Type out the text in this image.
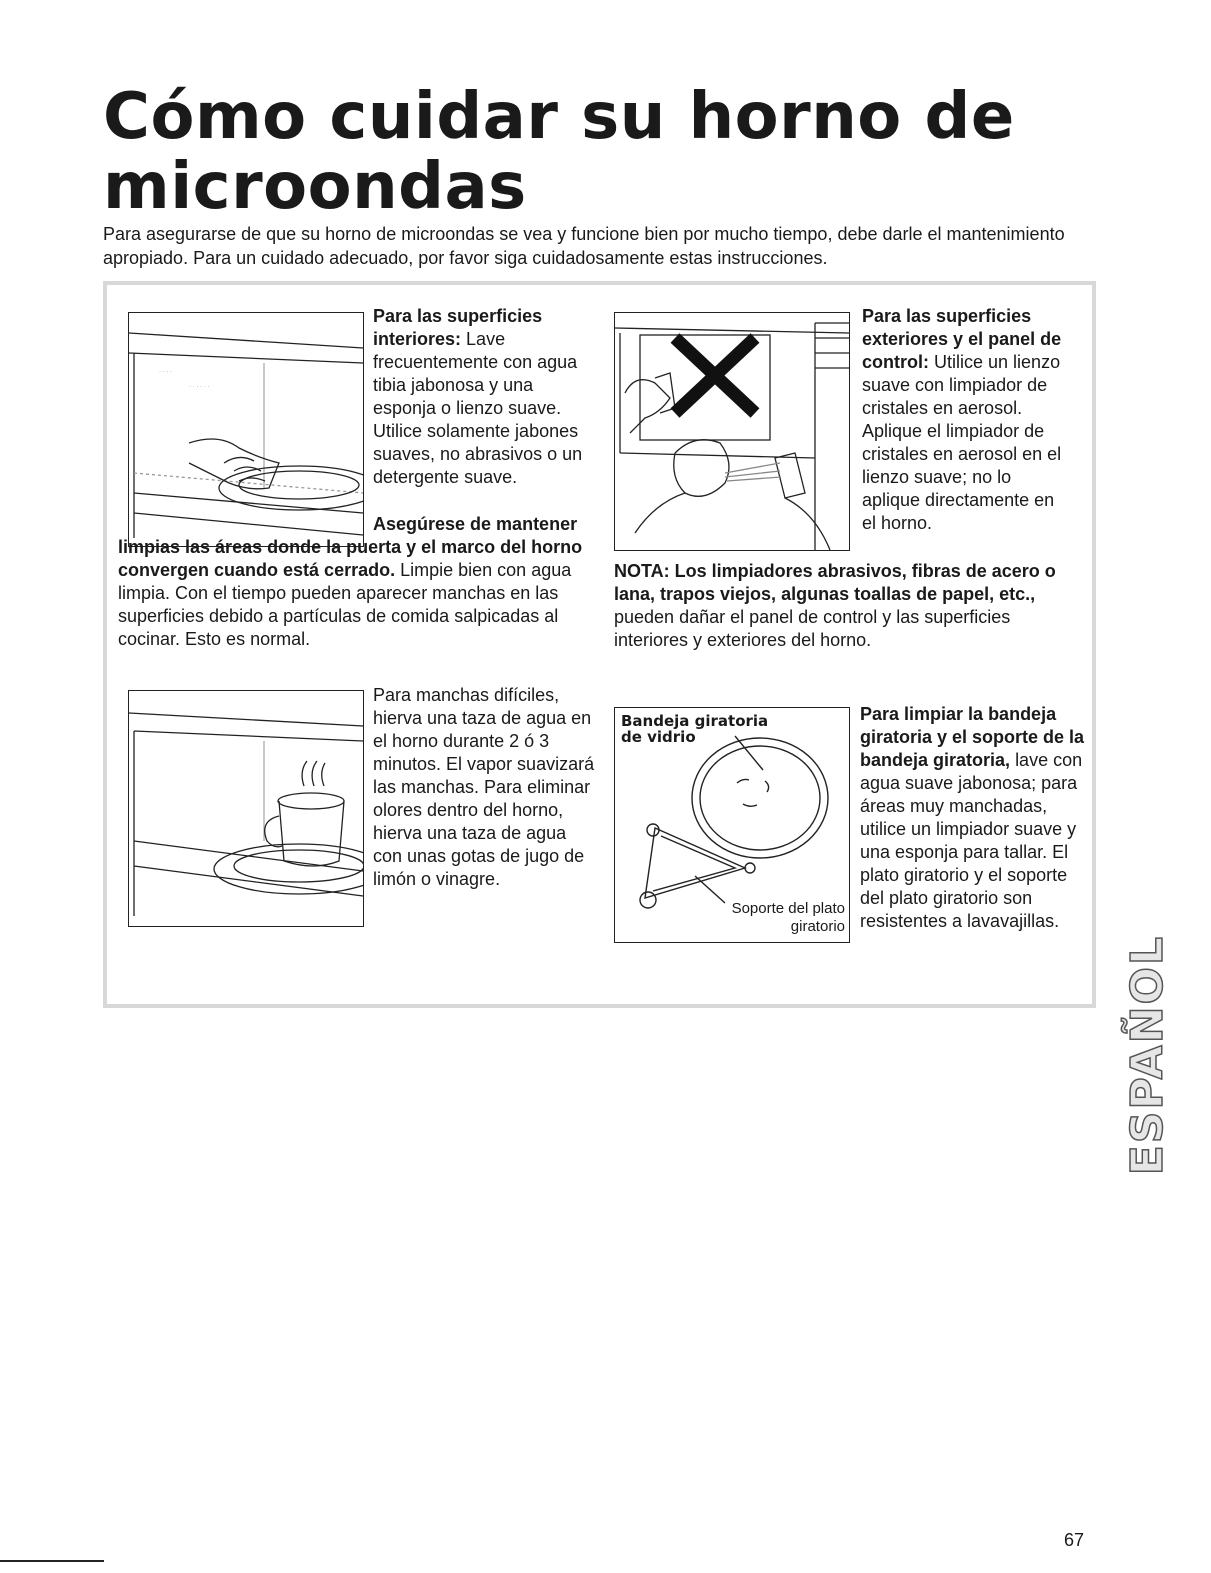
Cómo cuidar su horno de microondas

Para asegurarse de que su horno de microondas se vea y funcione bien por mucho tiempo, debe darle el mantenimiento apropiado. Para un cuidado adecuado, por favor siga cuidadosamente estas instrucciones.

· · · ·
· · · · · ·

Para las superficies interiores: Lave frecuentemente con agua tibia jabonosa y una esponja o lienzo suave. Utilice solamente jabones suaves, no abrasivos o un detergente suave.

Asegúrese de mantener limpias las áreas donde la puerta y el marco del horno convergen cuando está cerrado. Limpie bien con agua limpia. Con el tiempo pueden aparecer manchas en las superficies debido a partículas de comida salpicadas al cocinar. Esto es normal.

Para manchas difíciles, hierva una taza de agua en el horno durante 2 ó 3 minutos. El vapor suavizará las manchas. Para eliminar olores dentro del horno, hierva una taza de agua con unas gotas de jugo de limón o vinagre.

Para las superficies exteriores y el panel de control: Utilice un lienzo suave con limpiador de cristales en aerosol. Aplique el limpiador de cristales en aerosol en el lienzo suave; no lo aplique directamente en el horno.

NOTA: Los limpiadores abrasivos, fibras de acero o lana, trapos viejos, algunas toallas de papel, etc., pueden dañar el panel de control y las superficies interiores y exteriores del horno.

Bandeja giratoria de vidrio
Soporte del plato giratorio

Para limpiar la bandeja giratoria y el soporte de la bandeja giratoria, lave con agua suave jabonosa; para áreas muy manchadas, utilice un limpiador suave y una esponja para tallar. El plato giratorio y el soporte del plato giratorio son resistentes a lavavajillas.

ESPAÑOL
67
